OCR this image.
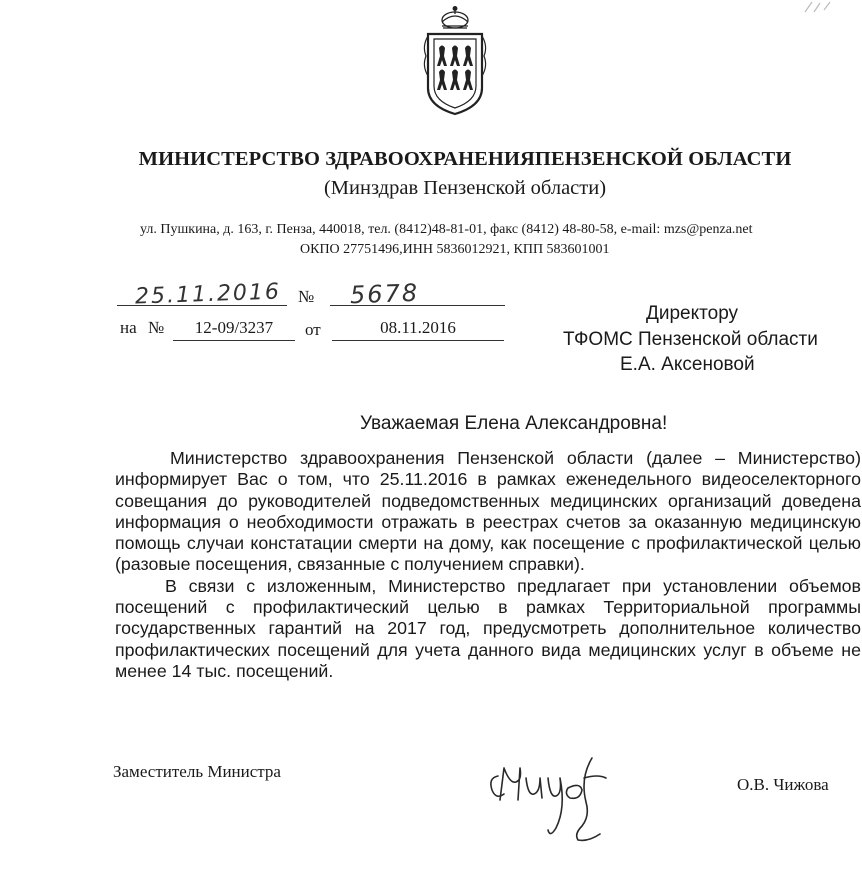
МИНИСТЕРСТВО ЗДРАВООХРАНЕНИЯПЕНЗЕНСКОЙ ОБЛАСТИ
(Минздрав Пензенской области)
ул. Пушкина, д. 163, г. Пенза, 440018, тел. (8412)48-81-01, факс (8412) 48-80-58, e-mail: mzs@penza.net
ОКПО 27751496,ИНН 5836012921, КПП 583601001
25.11.2016 № 5678
на №	12-09/3237	от	08.11.2016
Директору
ТФОМС Пензенской области
Е.А. Аксеновой
Уважаемая Елена Александровна!

Министерство здравоохранения Пензенской области (далее – Министерство) информирует Вас о том, что 25.11.2016 в рамках еженедельного видеоселекторного совещания до руководителей подведомственных медицинских организаций доведена информация о необходимости отражать в реестрах счетов за оказанную медицинскую помощь случаи констатации смерти на дому, как посещение с профилактической целью (разовые посещения, связанные с получением справки).

В связи с изложенным, Министерство предлагает при установлении объемов посещений с профилактический целью в рамках Территориальной программы государственных гарантий на 2017 год, предусмотреть дополнительное количество профилактических посещений для учета данного вида медицинских услуг в объеме не менее 14 тыс. посещений.

Заместитель Министра
О.В. Чижова
